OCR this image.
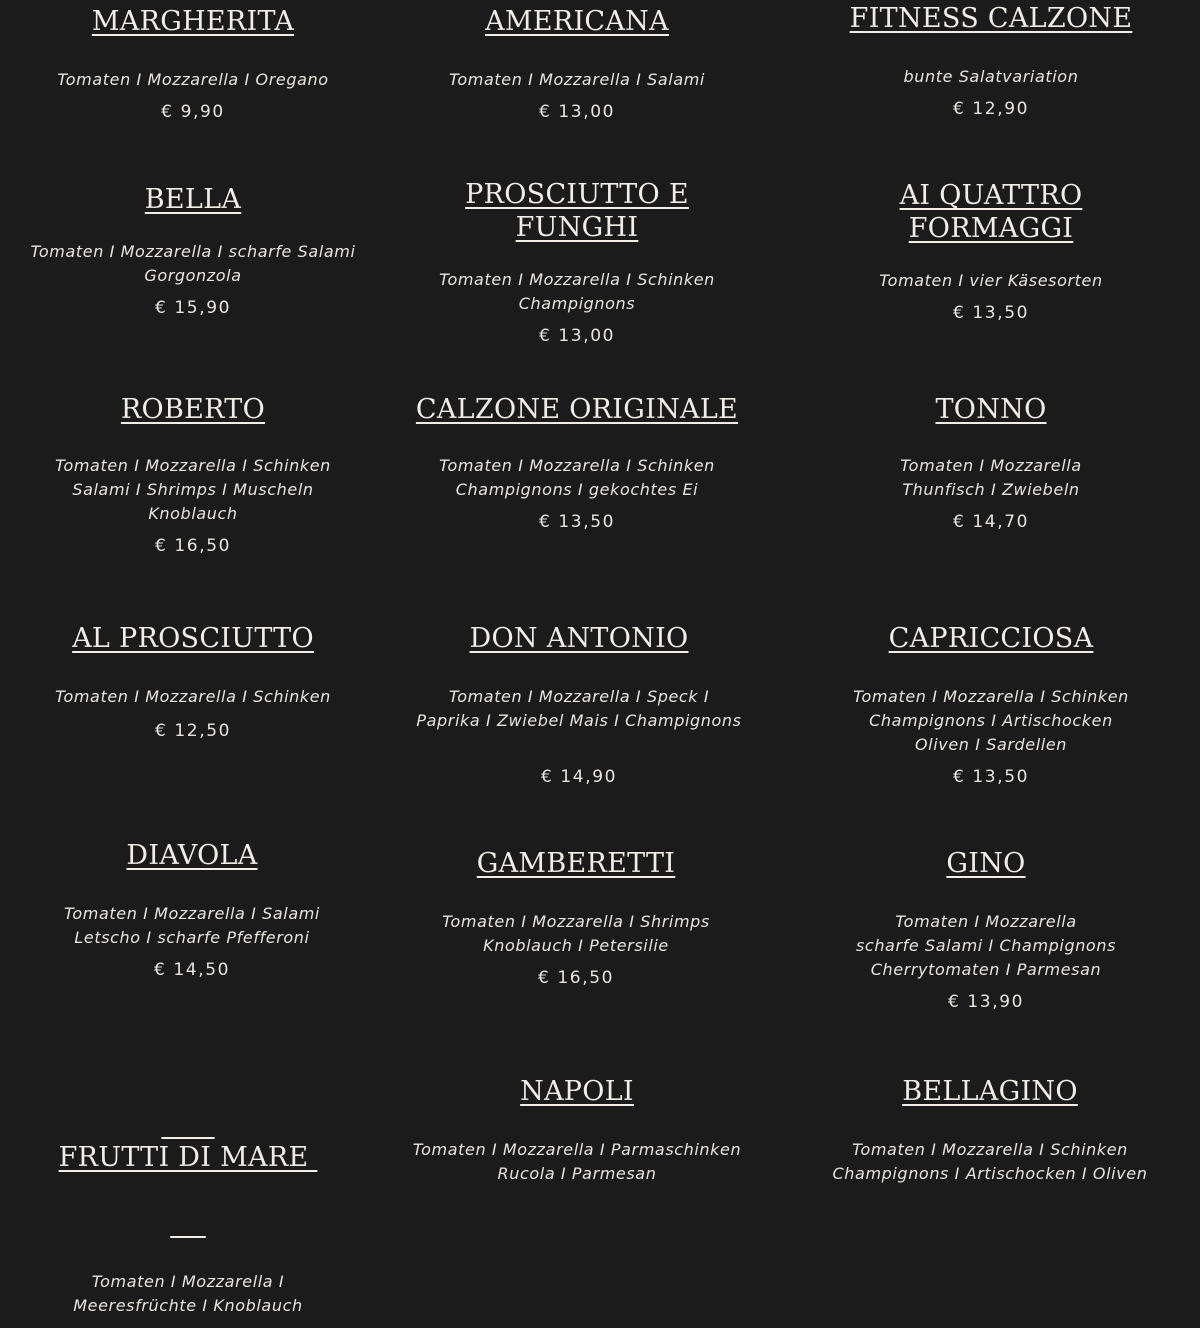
MARGHERITA

Tomaten I Mozzarella I Oregano

€ 9,90

AMERICANA

Tomaten I Mozzarella I Salami

€ 13,00

FITNESS CALZONE

bunte Salatvariation

€ 12,90

BELLA

Tomaten I Mozzarella I scharfe Salami
Gorgonzola

€ 15,90

PROSCIUTTO E
FUNGHI

Tomaten I Mozzarella I Schinken
Champignons

€ 13,00

AI QUATTRO
FORMAGGI

Tomaten I vier Käsesorten

€ 13,50

ROBERTO

Tomaten I Mozzarella I Schinken
Salami I Shrimps I Muscheln
Knoblauch

€ 16,50

CALZONE ORIGINALE

Tomaten I Mozzarella I Schinken
Champignons I gekochtes Ei

€ 13,50

TONNO

Tomaten I Mozzarella
Thunfisch I Zwiebeln

€ 14,70

AL PROSCIUTTO

Tomaten I Mozzarella I Schinken

€ 12,50

DON ANTONIO

Tomaten I Mozzarella I Speck I
Paprika I Zwiebel Mais I Champignons

€ 14,90

CAPRICCIOSA

Tomaten I Mozzarella I Schinken
Champignons I Artischocken
Oliven I Sardellen

€ 13,50

DIAVOLA

Tomaten I Mozzarella I Salami
Letscho I scharfe Pfefferoni

€ 14,50

GAMBERETTI

Tomaten I Mozzarella I Shrimps
Knoblauch I Petersilie

€ 16,50

GINO

Tomaten I Mozzarella
scharfe Salami I Champignons
Cherrytomaten I Parmesan

€ 13,90

FRUTTI DI MARE

Tomaten I Mozzarella I
Meeresfrüchte I Knoblauch

NAPOLI

Tomaten I Mozzarella I Parmaschinken
Rucola I Parmesan

BELLAGINO

Tomaten I Mozzarella I Schinken
Champignons I Artischocken I Oliven
